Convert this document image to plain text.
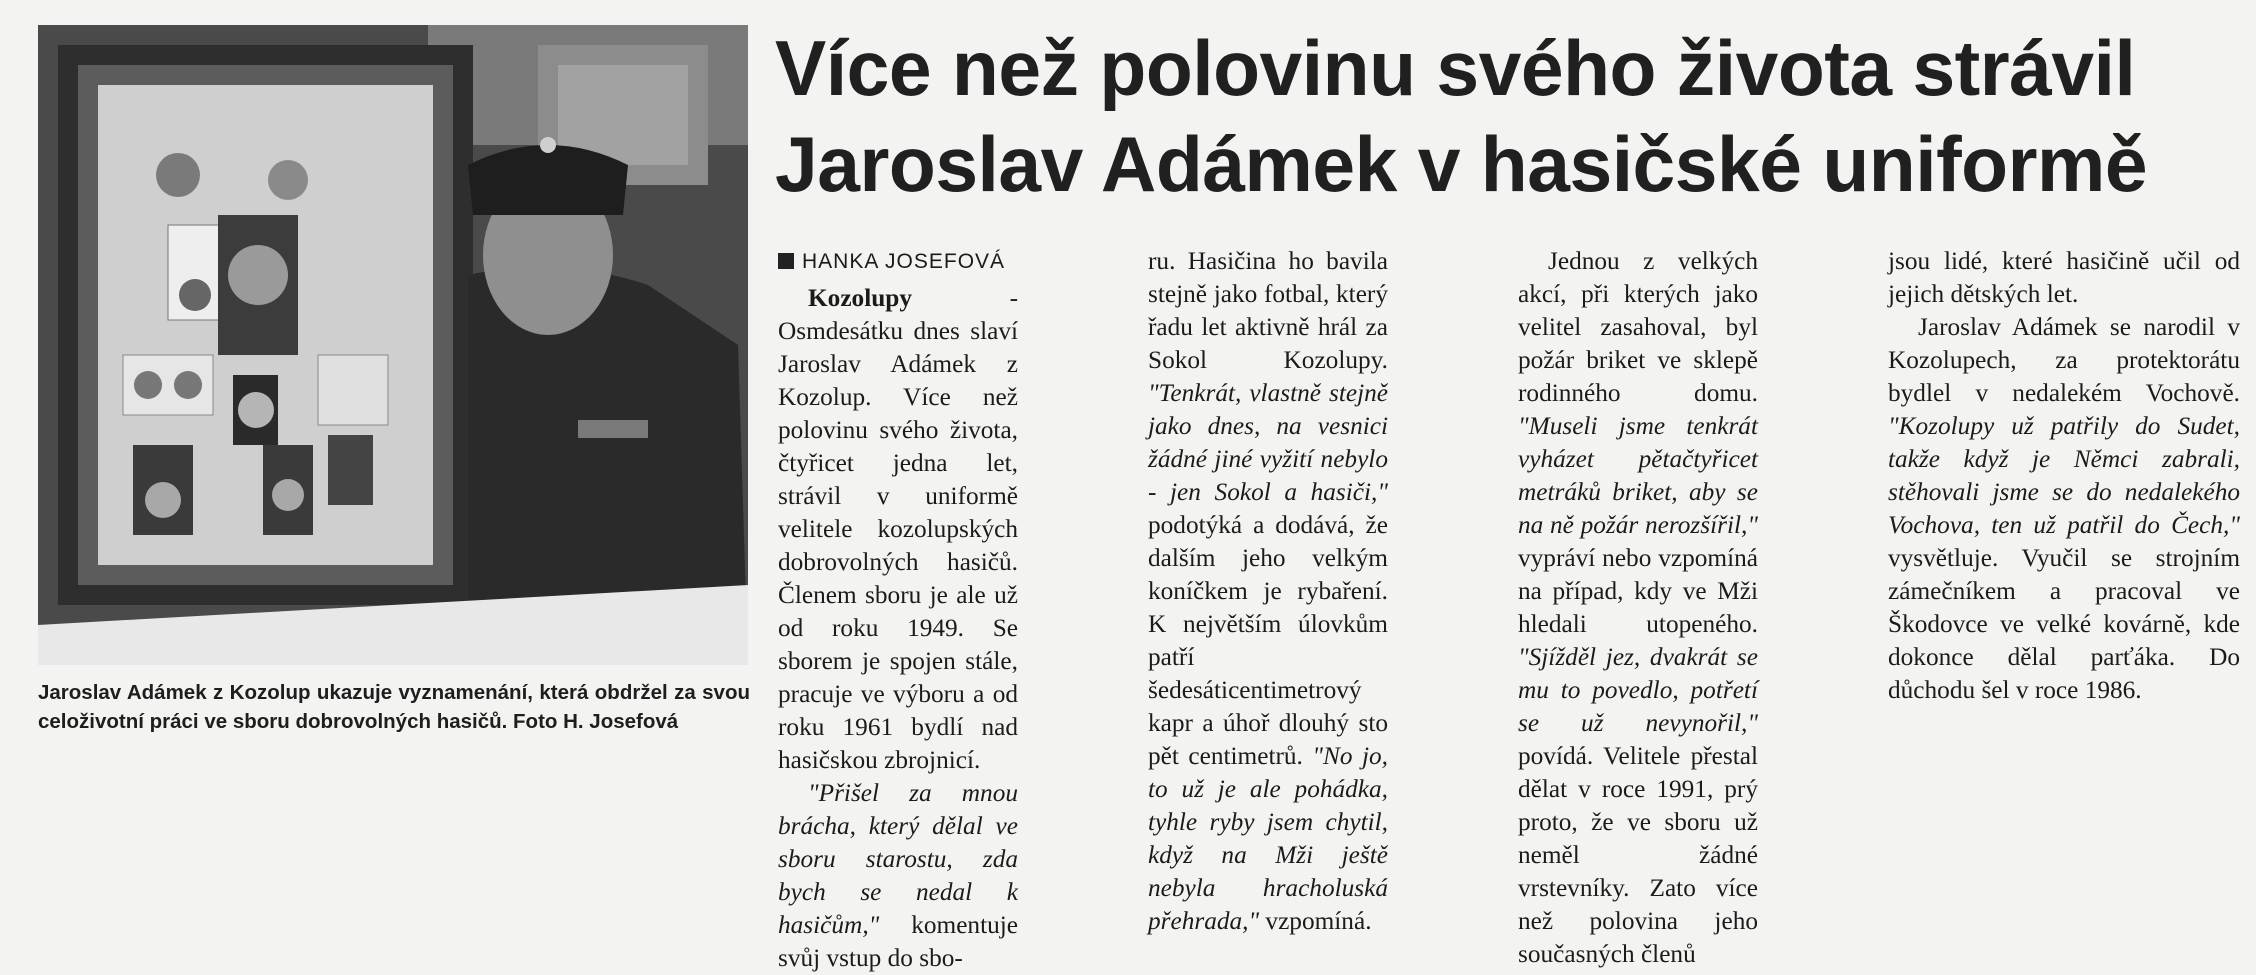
Jaroslav Adámek z Kozolup ukazuje vyznamenání, která obdržel za svou celoživotní práci ve sboru dobrovolných hasičů. Foto H. Josefová
Více než polovinu svého života strávil
Jaroslav Adámek v hasičské uniformě
HANKA JOSEFOVÁ

Kozolupy - Osmdesátku dnes slaví Jaroslav Adámek z Kozolup. Více než polovinu svého života, čtyřicet jedna let, strávil v uniformě velitele kozolupských dobrovolných hasičů. Členem sboru je ale už od roku 1949. Se sborem je spojen stále, pracuje ve výboru a od roku 1961 bydlí nad hasičskou zbrojnicí.

"Přišel za mnou brácha, který dělal ve sboru starostu, zda bych se nedal k hasičům," komentuje svůj vstup do sbo-

ru. Hasičina ho bavila stejně jako fotbal, který řadu let aktivně hrál za Sokol Kozolupy. "Tenkrát, vlastně stejně jako dnes, na vesnici žádné jiné vyžití nebylo - jen Sokol a hasiči," podotýká a dodává, že dalším jeho velkým koníčkem je rybaření. K největším úlovkům patří šedesáticentimetrový kapr a úhoř dlouhý sto pět centimetrů. "No jo, to už je ale pohádka, tyhle ryby jsem chytil, když na Mži ještě nebyla hracholuská přehrada," vzpomíná.

Jednou z velkých akcí, při kterých jako velitel zasahoval, byl požár briket ve sklepě rodinného domu. "Museli jsme tenkrát vyházet pětačtyřicet metráků briket, aby se na ně požár nerozšířil," vypráví nebo vzpomíná na případ, kdy ve Mži hledali utopeného. "Sjížděl jez, dvakrát se mu to povedlo, potřetí se už nevynořil," povídá. Velitele přestal dělat v roce 1991, prý proto, že ve sboru už neměl žádné vrstevníky. Zato více než polovina jeho současných členů

jsou lidé, které hasičině učil od jejich dětských let.

Jaroslav Adámek se narodil v Kozolupech, za protektorátu bydlel v nedalekém Vochově. "Kozolupy už patřily do Sudet, takže když je Němci zabrali, stěhovali jsme se do nedalekého Vochova, ten už patřil do Čech," vysvětluje. Vyučil se strojním zámečníkem a pracoval ve Škodovce ve velké kovárně, kde dokonce dělal parťáka. Do důchodu šel v roce 1986.
